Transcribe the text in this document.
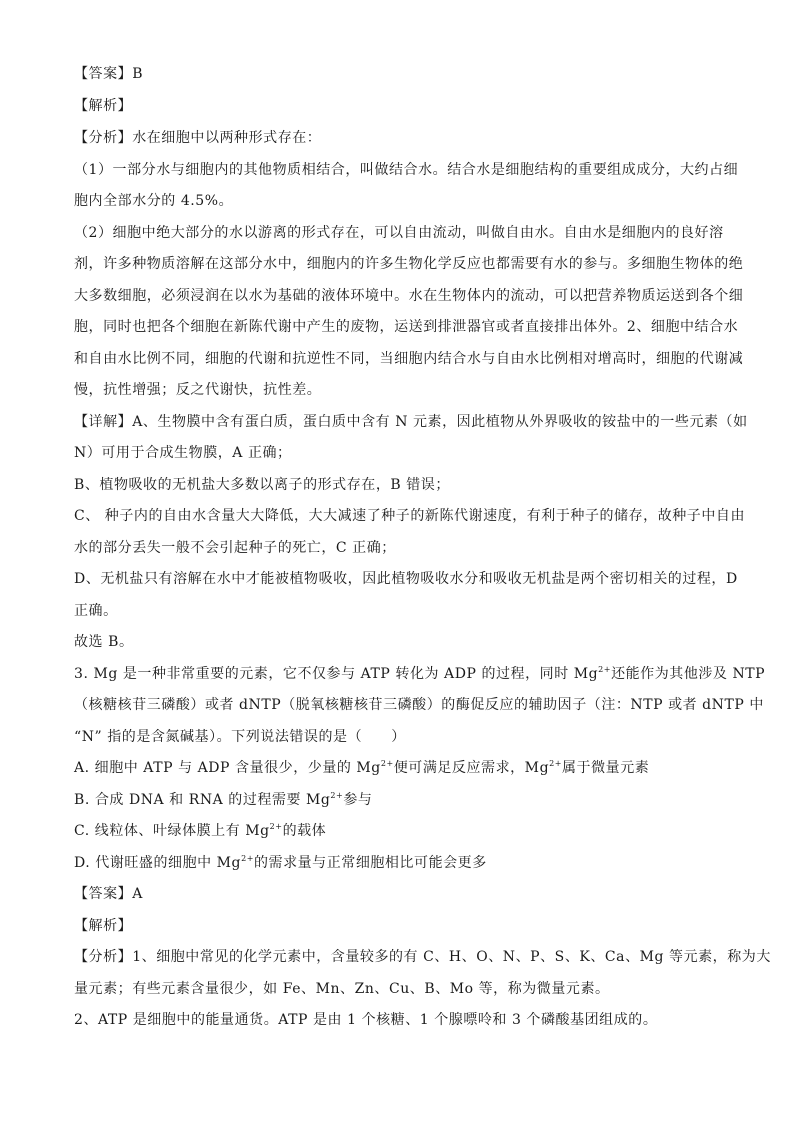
【答案】B
【解析】
【分析】水在细胞中以两种形式存在：
（1）一部分水与细胞内的其他物质相结合，叫做结合水。结合水是细胞结构的重要组成成分，大约占细
胞内全部水分的 4.5%。
（2）细胞中绝大部分的水以游离的形式存在，可以自由流动，叫做自由水。自由水是细胞内的良好溶
剂，许多种物质溶解在这部分水中，细胞内的许多生物化学反应也都需要有水的参与。多细胞生物体的绝
大多数细胞，必须浸润在以水为基础的液体环境中。水在生物体内的流动，可以把营养物质运送到各个细
胞，同时也把各个细胞在新陈代谢中产生的废物，运送到排泄器官或者直接排出体外。2、细胞中结合水
和自由水比例不同，细胞的代谢和抗逆性不同，当细胞内结合水与自由水比例相对增高时，细胞的代谢减
慢，抗性增强；反之代谢快，抗性差。
【详解】A、生物膜中含有蛋白质，蛋白质中含有 N 元素，因此植物从外界吸收的铵盐中的一些元素（如
N）可用于合成生物膜，A 正确；
B、植物吸收的无机盐大多数以离子的形式存在，B 错误；
C、 种子内的自由水含量大大降低，大大减速了种子的新陈代谢速度，有利于种子的储存，故种子中自由
水的部分丢失一般不会引起种子的死亡，C 正确；
D、无机盐只有溶解在水中才能被植物吸收，因此植物吸收水分和吸收无机盐是两个密切相关的过程，D
正确。
故选 B。
3. Mg 是一种非常重要的元素，它不仅参与 ATP 转化为 ADP 的过程，同时 $Mg^{2+}$还能作为其他涉及 NTP
（核糖核苷三磷酸）或者 dNTP（脱氧核糖核苷三磷酸）的酶促反应的辅助因子（注：NTP 或者 dNTP 中
“N” 指的是含氮碱基）。下列说法错误的是（　　）
A. 细胞中 ATP 与 ADP 含量很少，少量的 $Mg^{2+}$便可满足反应需求，$Mg^{2+}$属于微量元素
B. 合成 DNA 和 RNA 的过程需要 $Mg^{2+}$参与
C. 线粒体、叶绿体膜上有 $Mg^{2+}$的载体
D. 代谢旺盛的细胞中 $Mg^{2+}$的需求量与正常细胞相比可能会更多
【答案】A
【解析】
【分析】1、细胞中常见的化学元素中，含量较多的有 C、H、O、N、P、S、K、Ca、Mg 等元素，称为大
量元素；有些元素含量很少，如 Fe、Mn、Zn、Cu、B、Mo 等，称为微量元素。
2、ATP 是细胞中的能量通货。ATP 是由 1 个核糖、1 个腺嘌呤和 3 个磷酸基团组成的。
